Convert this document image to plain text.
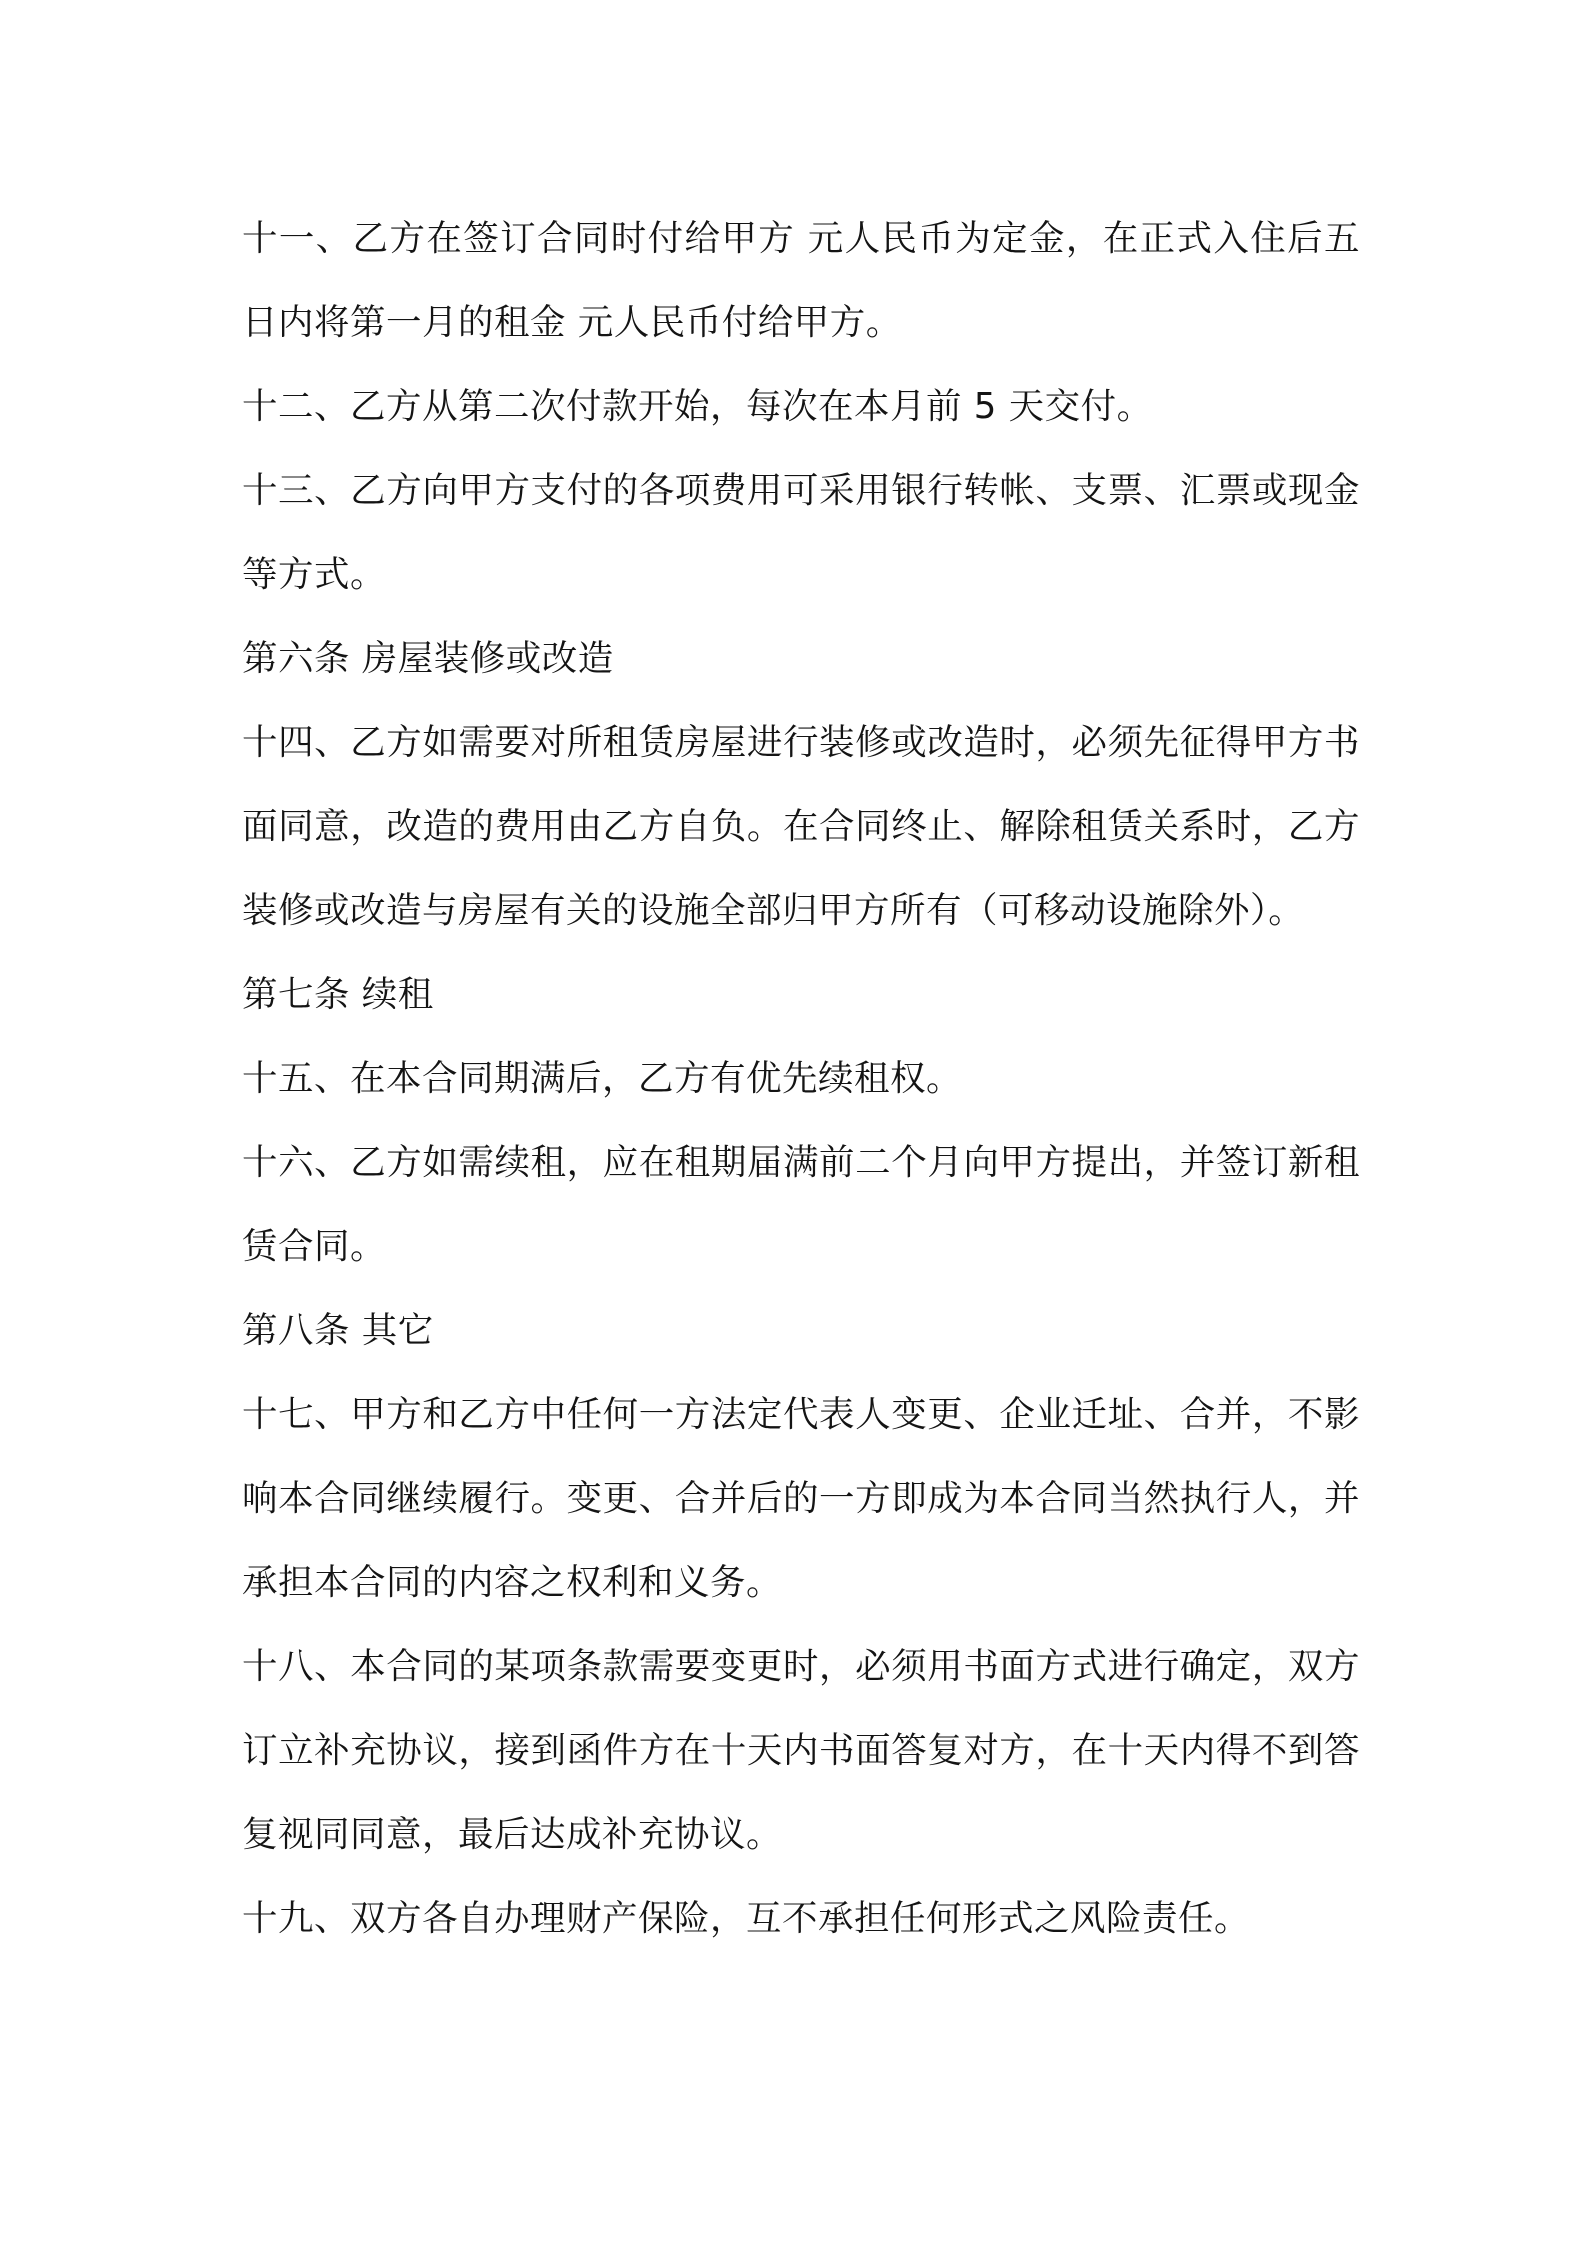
十一、乙方在签订合同时付给甲方 元人民币为定金，在正式入住后五日内将第一月的租金 元人民币付给甲方。

十二、乙方从第二次付款开始，每次在本月前 5 天交付。

十三、乙方向甲方支付的各项费用可采用银行转帐、支票、汇票或现金等方式。

第六条 房屋装修或改造

十四、乙方如需要对所租赁房屋进行装修或改造时，必须先征得甲方书面同意，改造的费用由乙方自负。在合同终止、解除租赁关系时，乙方装修或改造与房屋有关的设施全部归甲方所有（可移动设施除外）。

第七条 续租

十五、在本合同期满后，乙方有优先续租权。

十六、乙方如需续租，应在租期届满前二个月向甲方提出，并签订新租赁合同。

第八条 其它

十七、甲方和乙方中任何一方法定代表人变更、企业迁址、合并，不影响本合同继续履行。变更、合并后的一方即成为本合同当然执行人，并承担本合同的内容之权利和义务。

十八、本合同的某项条款需要变更时，必须用书面方式进行确定，双方订立补充协议，接到函件方在十天内书面答复对方，在十天内得不到答复视同同意，最后达成补充协议。

十九、双方各自办理财产保险，互不承担任何形式之风险责任。
